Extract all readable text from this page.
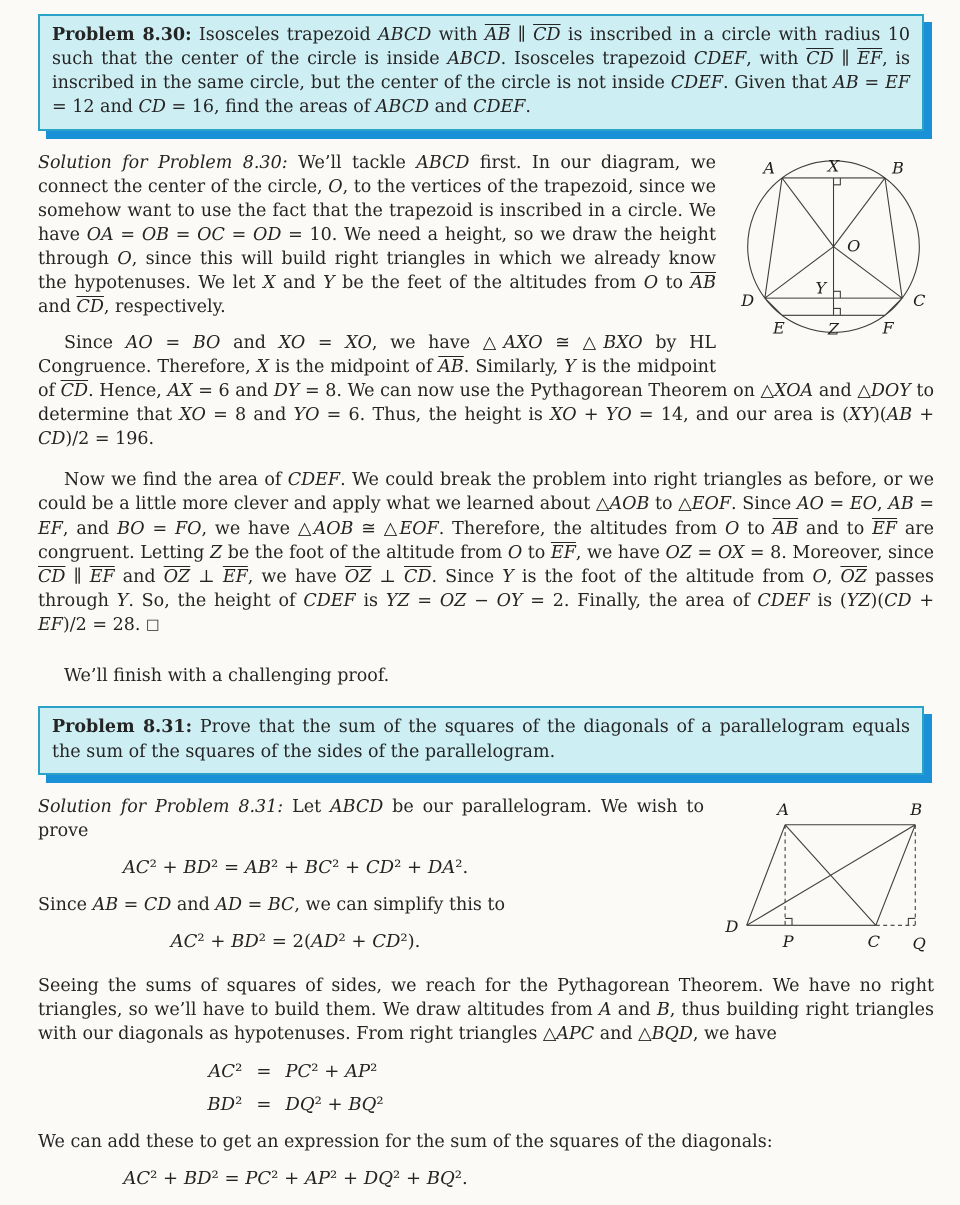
Problem 8.30: Isosceles trapezoid ABCD with $\overline{AB}$ ∥ $\overline{CD}$ is inscribed in a circle with radius 10 such that the center of the circle is inside ABCD. Isosceles trapezoid CDEF, with $\overline{CD}$ ∥ $\overline{EF}$, is inscribed in the same circle, but the center of the circle is not inside CDEF. Given that AB = EF = 12 and CD = 16, find the areas of ABCD and CDEF.

A	X	B
O
Y
D	C
E	Z	F

Solution for Problem 8.30: We’ll tackle ABCD first. In our diagram, we connect the center of the circle, O, to the vertices of the trapezoid, since we somehow want to use the fact that the trapezoid is inscribed in a circle. We have OA = OB = OC = OD = 10. We need a height, so we draw the height through O, since this will build right triangles in which we already know the hypotenuses. We let X and Y be the feet of the altitudes from O to $\overline{AB}$ and $\overline{CD}$, respectively.

Since AO = BO and XO = XO, we have △AXO ≅ △BXO by HL Congruence. Therefore, X is the midpoint of $\overline{AB}$. Similarly, Y is the midpoint of $\overline{CD}$. Hence, AX = 6 and DY = 8. We can now use the Pythagorean Theorem on △XOA and △DOY to determine that XO = 8 and YO = 6. Thus, the height is XO + YO = 14, and our area is (XY)(AB + CD)/2 = 196.

Now we find the area of CDEF. We could break the problem into right triangles as before, or we could be a little more clever and apply what we learned about △AOB to △EOF. Since AO = EO, AB = EF, and BO = FO, we have △AOB ≅ △EOF. Therefore, the altitudes from O to $\overline{AB}$ and to $\overline{EF}$ are congruent. Letting Z be the foot of the altitude from O to $\overline{EF}$, we have OZ = OX = 8. Moreover, since $\overline{CD}$ ∥ $\overline{EF}$ and $\overline{OZ}$ ⊥ $\overline{EF}$, we have $\overline{OZ}$ ⊥ $\overline{CD}$. Since Y is the foot of the altitude from O, $\overline{OZ}$ passes through Y. So, the height of CDEF is YZ = OZ − OY = 2. Finally, the area of CDEF is (YZ)(CD + EF)/2 = 28. □

We’ll finish with a challenging proof.

Problem 8.31: Prove that the sum of the squares of the diagonals of a parallelogram equals the sum of the squares of the sides of the parallelogram.

A	B
D
P	C Q

Solution for Problem 8.31: Let ABCD be our parallelogram. We wish to prove

AC² + BD² = AB² + BC² + CD² + DA².

Since AB = CD and AD = BC, we can simplify this to

AC² + BD² = 2(AD² + CD²).

Seeing the sums of squares of sides, we reach for the Pythagorean Theorem. We have no right triangles, so we’ll have to build them. We draw altitudes from A and B, thus building right triangles with our diagonals as hypotenuses. From right triangles △APC and △BQD, we have

AC² = PC² + AP²
BD² = DQ² + BQ²

We can add these to get an expression for the sum of the squares of the diagonals:

AC² + BD² = PC² + AP² + DQ² + BQ².
